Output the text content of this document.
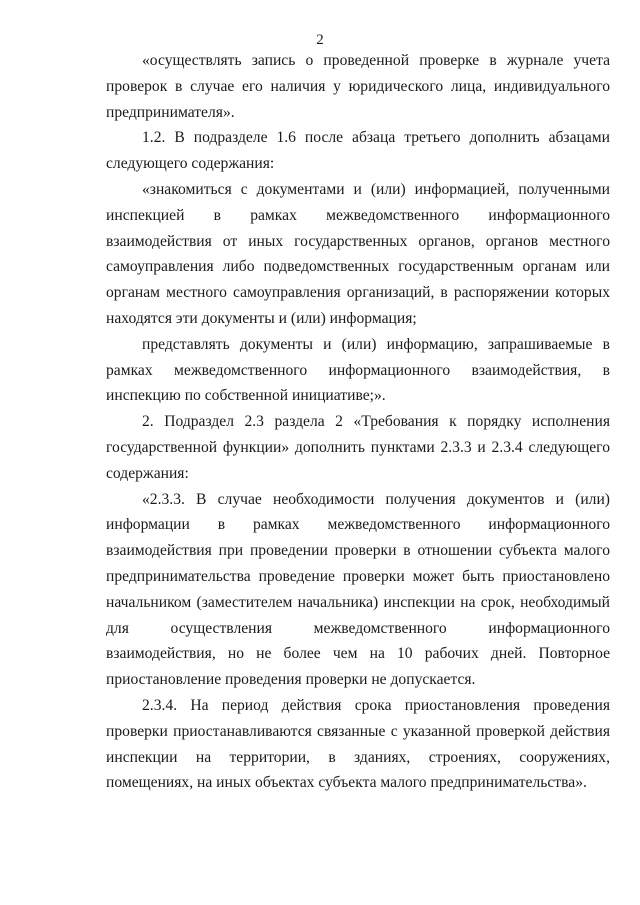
2

«осуществлять запись о проведенной проверке в журнале учета проверок в случае его наличия у юридического лица, индивидуального предпринимателя».

1.2. В подразделе 1.6 после абзаца третьего дополнить абзацами следующего содержания:

«знакомиться с документами и (или) информацией, полученными инспекцией в рамках межведомственного информационного взаимодействия от иных государственных органов, органов местного самоуправления либо подведомственных государственным органам или органам местного самоуправления организаций, в распоряжении которых находятся эти документы и (или) информация;

представлять документы и (или) информацию, запрашиваемые в рамках межведомственного информационного взаимодействия, в инспекцию по собственной инициативе;».

2. Подраздел 2.3 раздела 2 «Требования к порядку исполнения государственной функции» дополнить пунктами 2.3.3 и 2.3.4 следующего содержания:

«2.3.3. В случае необходимости получения документов и (или) информации в рамках межведомственного информационного взаимодействия при проведении проверки в отношении субъекта малого предпринимательства проведение проверки может быть приостановлено начальником (заместителем начальника) инспекции на срок, необходимый для осуществления межведомственного информационного взаимодействия, но не более чем на 10 рабочих дней. Повторное приостановление проведения проверки не допускается.

2.3.4. На период действия срока приостановления проведения проверки приостанавливаются связанные с указанной проверкой действия инспекции на территории, в зданиях, строениях, сооружениях, помещениях, на иных объектах субъекта малого предпринимательства».
